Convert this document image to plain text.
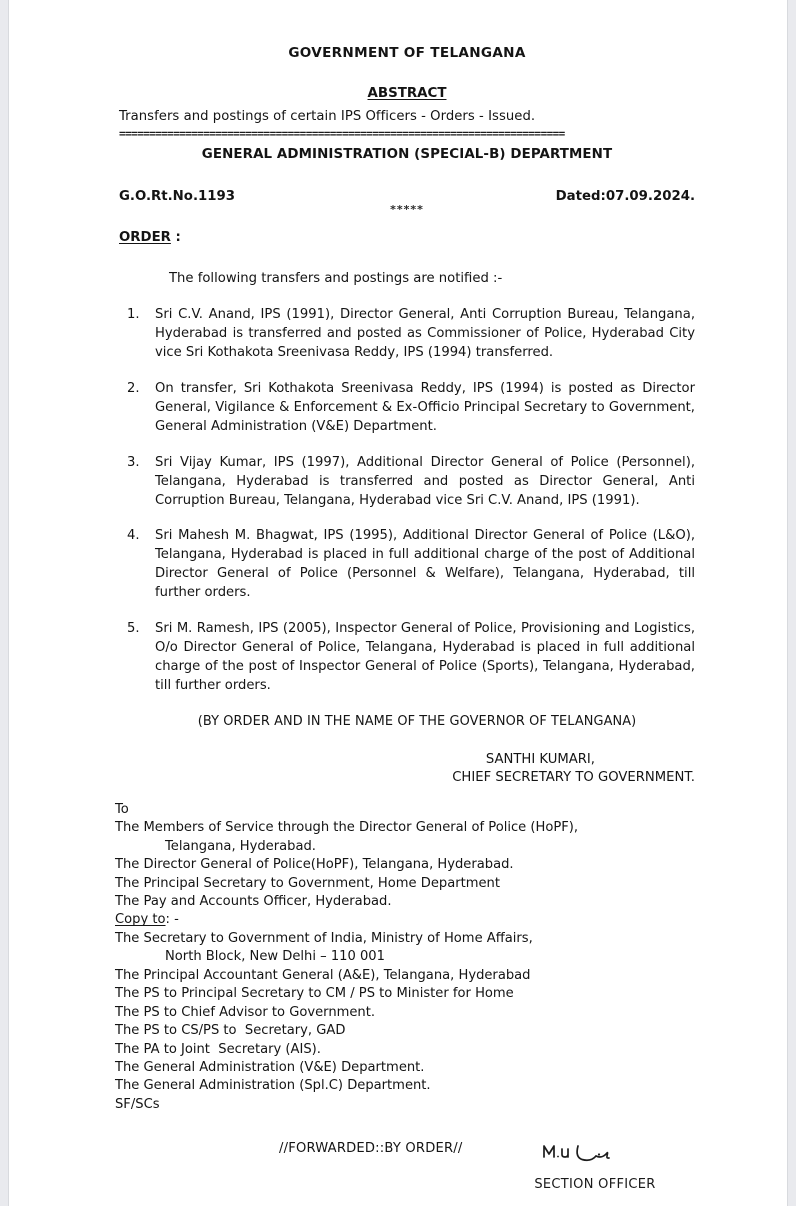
GOVERNMENT OF TELANGANA
ABSTRACT
Transfers and postings of certain IPS Officers - Orders - Issued.
==========================================================================
GENERAL ADMINISTRATION (SPECIAL-B) DEPARTMENT
G.O.Rt.No.1193	Dated:07.09.2024.
*****
ORDER :
The following transfers and postings are notified :-
1. Sri C.V. Anand, IPS (1991), Director General, Anti Corruption Bureau, Telangana, Hyderabad is transferred and posted as Commissioner of Police, Hyderabad City vice Sri Kothakota Sreenivasa Reddy, IPS (1994) transferred.

2. On transfer, Sri Kothakota Sreenivasa Reddy, IPS (1994) is posted as Director General, Vigilance & Enforcement & Ex-Officio Principal Secretary to Government, General Administration (V&E) Department.

3. Sri Vijay Kumar, IPS (1997), Additional Director General of Police (Personnel), Telangana, Hyderabad is transferred and posted as Director General, Anti Corruption Bureau, Telangana, Hyderabad vice Sri C.V. Anand, IPS (1991).

4. Sri Mahesh M. Bhagwat, IPS (1995), Additional Director General of Police (L&O), Telangana, Hyderabad is placed in full additional charge of the post of Additional Director General of Police (Personnel & Welfare), Telangana, Hyderabad, till further orders.

5. Sri M. Ramesh, IPS (2005), Inspector General of Police, Provisioning and Logistics, O/o Director General of Police, Telangana, Hyderabad is placed in full additional charge of the post of Inspector General of Police (Sports), Telangana, Hyderabad, till further orders.

(BY ORDER AND IN THE NAME OF THE GOVERNOR OF TELANGANA)
SANTHI KUMARI,
CHIEF SECRETARY TO GOVERNMENT.
To
The Members of Service through the Director General of Police (HoPF),
Telangana, Hyderabad.
The Director General of Police(HoPF), Telangana, Hyderabad.
The Principal Secretary to Government, Home Department
The Pay and Accounts Officer, Hyderabad.
Copy to: -
The Secretary to Government of India, Ministry of Home Affairs,
North Block, New Delhi – 110 001
The Principal Accountant General (A&E), Telangana, Hyderabad
The PS to Principal Secretary to CM / PS to Minister for Home
The PS to Chief Advisor to Government.
The PS to CS/PS to  Secretary, GAD
The PA to Joint  Secretary (AIS).
The General Administration (V&E) Department.
The General Administration (Spl.C) Department.
SF/SCs
//FORWARDED::BY ORDER//
SECTION OFFICER
